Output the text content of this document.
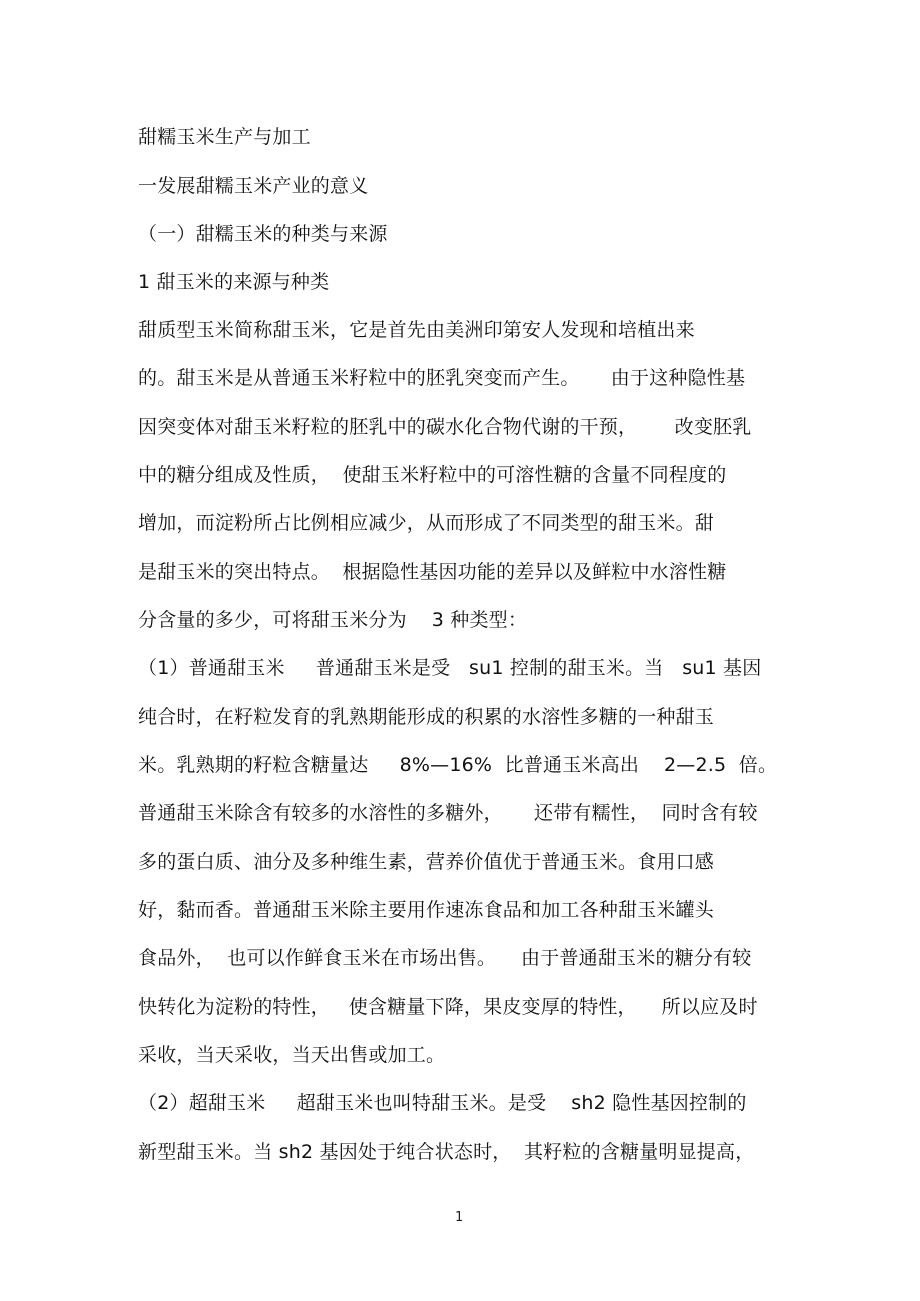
甜糯玉米生产与加工
一发展甜糯玉米产业的意义
（一）甜糯玉米的种类与来源
1 甜玉米的来源与种类
甜质型玉米简称甜玉米，它是首先由美洲印第安人发现和培植出来
的。甜玉米是从普通玉米籽粒中的胚乳突变而产生。     由于这种隐性基
因突变体对甜玉米籽粒的胚乳中的碳水化合物代谢的干预，      改变胚乳
中的糖分组成及性质，  使甜玉米籽粒中的可溶性糖的含量不同程度的
增加，而淀粉所占比例相应减少，从而形成了不同类型的甜玉米。甜
是甜玉米的突出特点。  根据隐性基因功能的差异以及鲜粒中水溶性糖
分含量的多少，可将甜玉米分为    3 种类型：
（1）普通甜玉米     普通甜玉米是受   su1 控制的甜玉米。当   su1 基因
纯合时，在籽粒发育的乳熟期能形成的积累的水溶性多糖的一种甜玉
米。乳熟期的籽粒含糖量达     8%—16%  比普通玉米高出    2—2.5  倍。
普通甜玉米除含有较多的水溶性的多糖外，     还带有糯性，  同时含有较
多的蛋白质、油分及多种维生素，营养价值优于普通玉米。食用口感
好，黏而香。普通甜玉米除主要用作速冻食品和加工各种甜玉米罐头
食品外，  也可以作鲜食玉米在市场出售。    由于普通甜玉米的糖分有较
快转化为淀粉的特性，   使含糖量下降，果皮变厚的特性，    所以应及时
采收，当天采收，当天出售或加工。
（2）超甜玉米     超甜玉米也叫特甜玉米。是受    sh2 隐性基因控制的
新型甜玉米。当 sh2 基因处于纯合状态时，  其籽粒的含糖量明显提高，
1
